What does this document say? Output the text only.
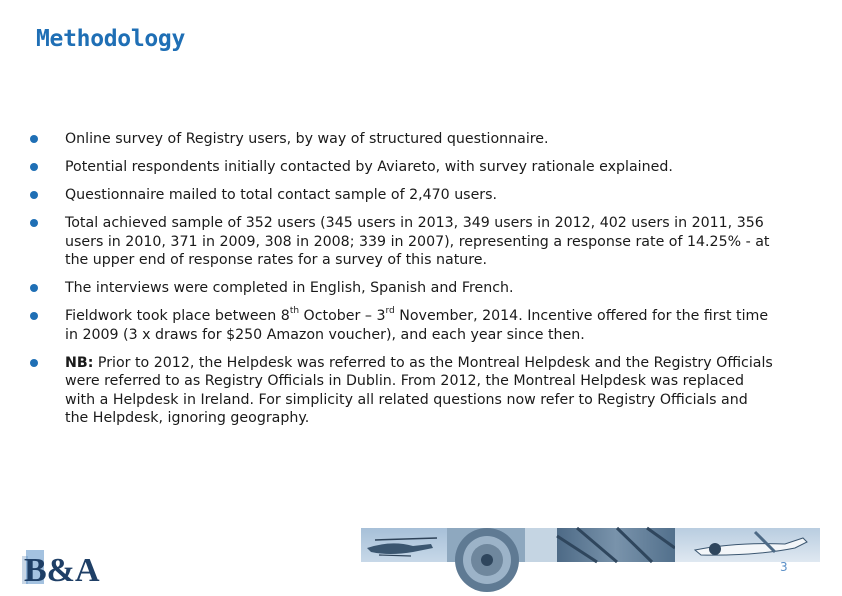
Methodology
Online survey of Registry users, by way of structured questionnaire.
Potential respondents initially contacted by Aviareto, with survey rationale explained.
Questionnaire mailed to total contact sample of 2,470 users.
Total achieved sample of 352 users (345 users in 2013, 349 users in 2012, 402 users in 2011, 356 users in 2010, 371 in 2009, 308 in 2008; 339 in 2007), representing a response rate of 14.25% - at the upper end of response rates for a survey of this nature.
The interviews were completed in English, Spanish and French.
Fieldwork took place between 8th October – 3rd November, 2014. Incentive offered for the first time in 2009 (3 x draws for $250 Amazon voucher), and each year since then.
NB: Prior to 2012, the Helpdesk was referred to as the Montreal Helpdesk and the Registry Officials were referred to as Registry Officials in Dublin. From 2012, the Montreal Helpdesk was replaced with a Helpdesk in Ireland. For simplicity all related questions now refer to Registry Officials and the Helpdesk, ignoring geography.
B&A	3
